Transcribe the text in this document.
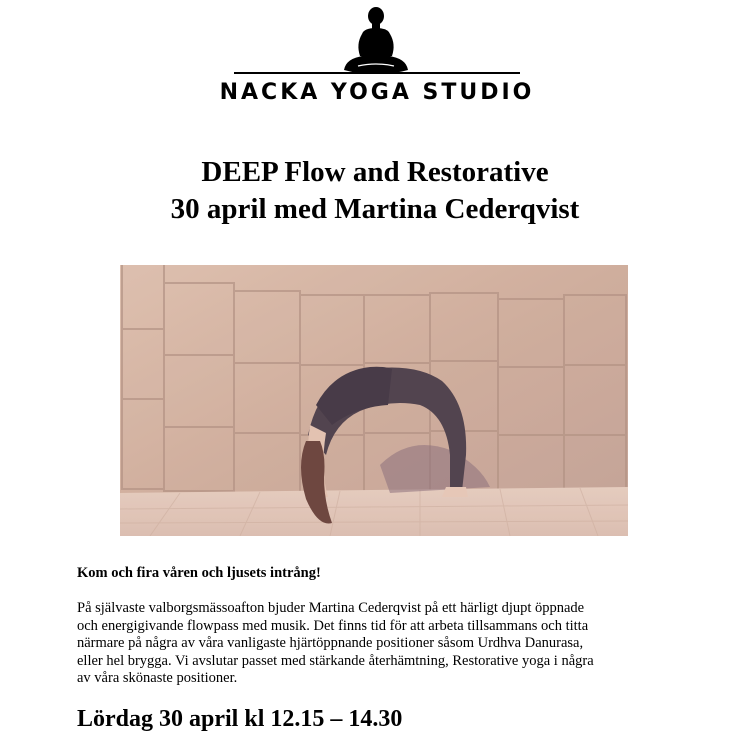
NACKA YOGA STUDIO
DEEP Flow and Restorative
30 april med Martina Cederqvist
Kom och fira våren och ljusets intrång!
På självaste valborgsmässoafton bjuder Martina Cederqvist på ett härligt djupt öppnade
och energigivande flowpass med musik. Det finns tid för att arbeta tillsammans och titta
närmare på några av våra vanligaste hjärtöppnande positioner såsom Urdhva Danurasa,
eller hel brygga. Vi avslutar passet med stärkande återhämtning, Restorative yoga i några
av våra skönaste positioner.
Lördag 30 april kl 12.15 – 14.30
